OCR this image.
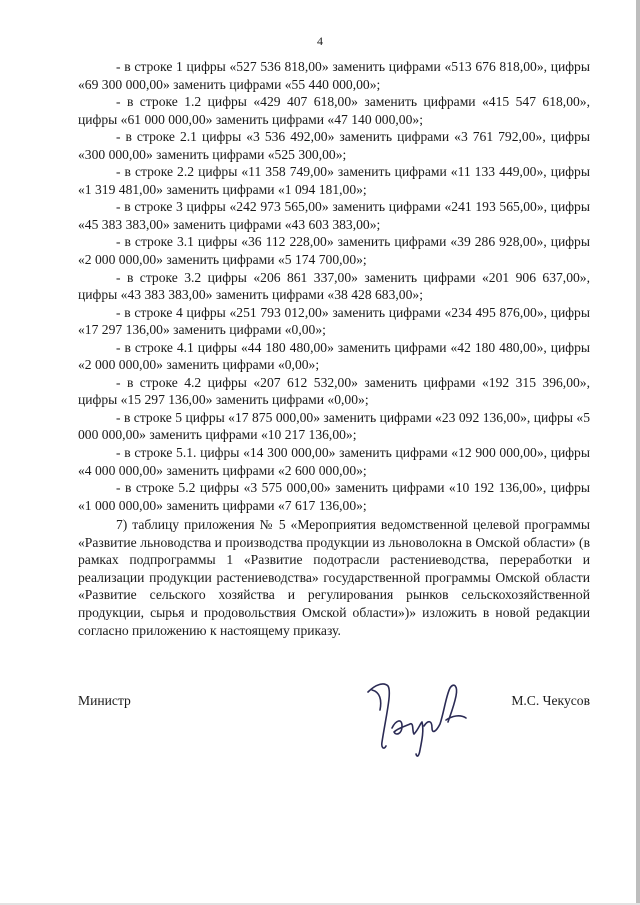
4

- в строке 1 цифры «527 536 818,00» заменить цифрами «513 676 818,00», цифры «69 300 000,00» заменить цифрами «55 440 000,00»;

- в строке 1.2 цифры «429 407 618,00» заменить цифрами «415 547 618,00», цифры «61 000 000,00» заменить цифрами «47 140 000,00»;

- в строке 2.1 цифры «3 536 492,00» заменить цифрами «3 761 792,00», цифры «300 000,00» заменить цифрами «525 300,00»;

- в строке 2.2 цифры «11 358 749,00» заменить цифрами «11 133 449,00», цифры «1 319 481,00» заменить цифрами «1 094 181,00»;

- в строке 3 цифры «242 973 565,00» заменить цифрами «241 193 565,00», цифры «45 383 383,00» заменить цифрами «43 603 383,00»;

- в строке 3.1 цифры «36 112 228,00» заменить цифрами «39 286 928,00», цифры «2 000 000,00» заменить цифрами «5 174 700,00»;

- в строке 3.2 цифры «206 861 337,00» заменить цифрами «201 906 637,00», цифры «43 383 383,00» заменить цифрами «38 428 683,00»;

- в строке 4 цифры «251 793 012,00» заменить цифрами «234 495 876,00», цифры «17 297 136,00» заменить цифрами «0,00»;

- в строке 4.1 цифры «44 180 480,00» заменить цифрами «42 180 480,00», цифры «2 000 000,00» заменить цифрами «0,00»;

- в строке 4.2 цифры «207 612 532,00» заменить цифрами «192 315 396,00», цифры «15 297 136,00» заменить цифрами «0,00»;

- в строке 5 цифры «17 875 000,00» заменить цифрами «23 092 136,00», цифры «5 000 000,00» заменить цифрами «10 217 136,00»;

- в строке 5.1. цифры «14 300 000,00» заменить цифрами «12 900 000,00», цифры «4 000 000,00» заменить цифрами «2 600 000,00»;

- в строке 5.2 цифры «3 575 000,00» заменить цифрами «10 192 136,00», цифры «1 000 000,00» заменить цифрами «7 617 136,00»;

7) таблицу приложения № 5 «Мероприятия ведомственной целевой программы «Развитие льноводства и производства продукции из льноволокна в Омской области» (в рамках подпрограммы 1 «Развитие подотрасли растениеводства, переработки и реализации продукции растениеводства» государственной программы Омской области «Развитие сельского хозяйства и регулирования рынков сельскохозяйственной продукции, сырья и продовольствия Омской области»)» изложить в новой редакции согласно приложению к настоящему приказу.

Министр	М.С. Чекусов
